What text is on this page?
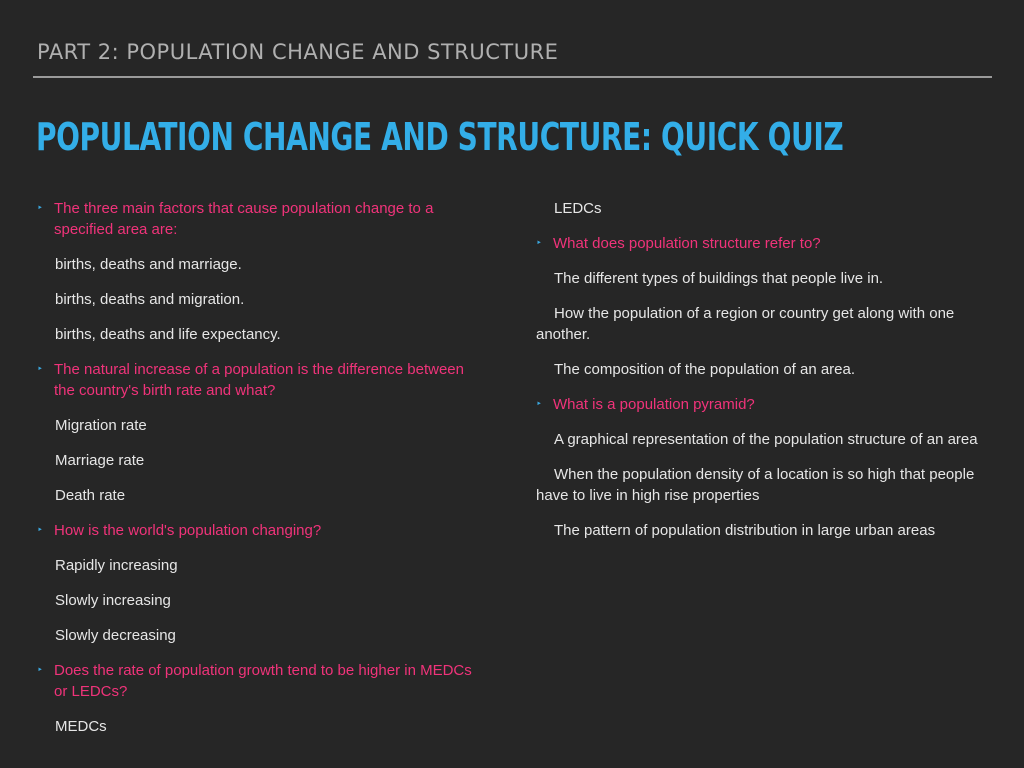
PART 2: POPULATION CHANGE AND STRUCTURE
POPULATION CHANGE AND STRUCTURE: QUICK QUIZ
‣ The three main factors that cause population change to a specified area are:
births, deaths and marriage.
births, deaths and migration.
births, deaths and life expectancy.
‣ The natural increase of a population is the difference between the country's birth rate and what?
Migration rate
Marriage rate
Death rate
‣ How is the world's population changing?
Rapidly increasing
Slowly increasing
Slowly decreasing
‣ Does the rate of population growth tend to be higher in MEDCs or LEDCs?
MEDCs
LEDCs
‣ What does population structure refer to?
The different types of buildings that people live in.
How the population of a region or country get along with one another.
The composition of the population of an area.
‣ What is a population pyramid?
A graphical representation of the population structure of an area
When the population density of a location is so high that people have to live in high rise properties
The pattern of population distribution in large urban areas
